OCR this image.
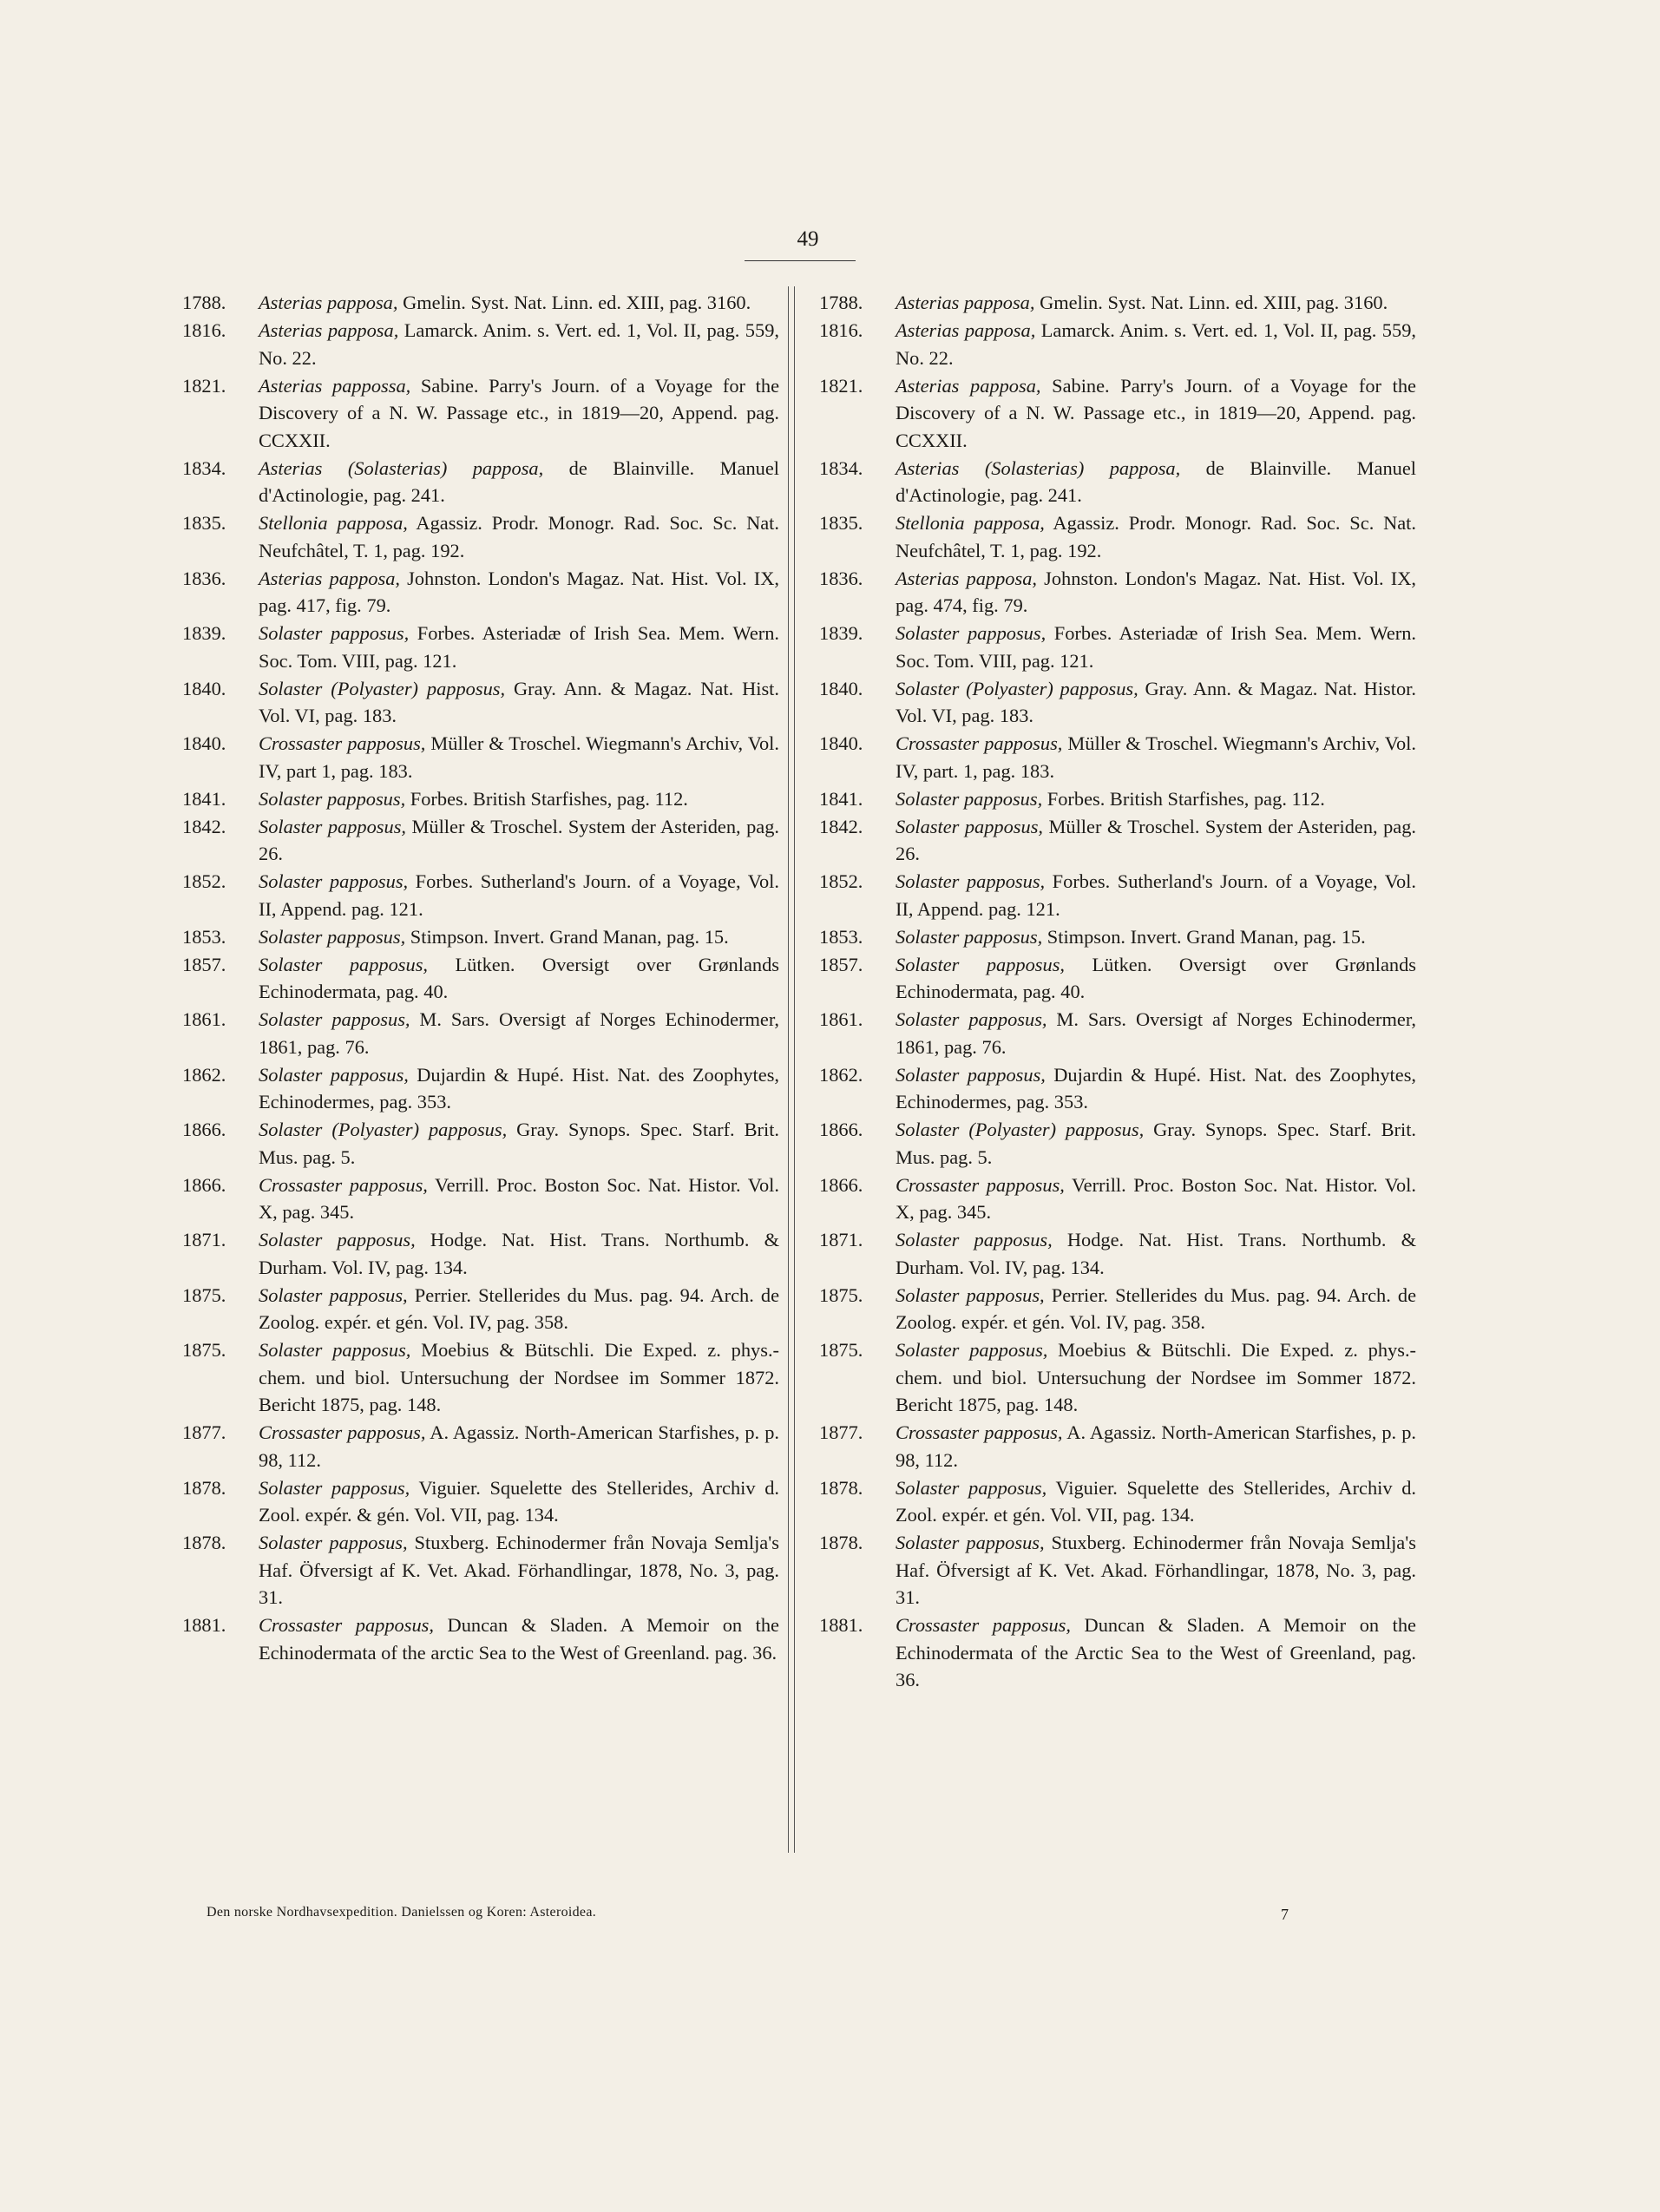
49
1788. Asterias papposa, Gmelin. Syst. Nat. Linn. ed. XIII, pag. 3160.
1816. Asterias papposa, Lamarck. Anim. s. Vert. ed. 1, Vol. II, pag. 559, No. 22.
1821. Asterias pappossa, Sabine. Parry's Journ. of a Voyage for the Discovery of a N. W. Passage etc., in 1819—20, Append. pag. CCXXII.
1834. Asterias (Solasterias) papposa, de Blainville. Manuel d'Actinologie, pag. 241.
1835. Stellonia papposa, Agassiz. Prodr. Monogr. Rad. Soc. Sc. Nat. Neufchâtel, T. 1, pag. 192.
1836. Asterias papposa, Johnston. London's Magaz. Nat. Hist. Vol. IX, pag. 417, fig. 79.
1839. Solaster papposus, Forbes. Asteriadæ of Irish Sea. Mem. Wern. Soc. Tom. VIII, pag. 121.
1840. Solaster (Polyaster) papposus, Gray. Ann. & Magaz. Nat. Hist. Vol. VI, pag. 183.
1840. Crossaster papposus, Müller & Troschel. Wiegmann's Archiv, Vol. IV, part 1, pag. 183.
1841. Solaster papposus, Forbes. British Starfishes, pag. 112.
1842. Solaster papposus, Müller & Troschel. System der Asteriden, pag. 26.
1852. Solaster papposus, Forbes. Sutherland's Journ. of a Voyage, Vol. II, Append. pag. 121.
1853. Solaster papposus, Stimpson. Invert. Grand Manan, pag. 15.
1857. Solaster papposus, Lütken. Oversigt over Grønlands Echinodermata, pag. 40.
1861. Solaster papposus, M. Sars. Oversigt af Norges Echinodermer, 1861, pag. 76.
1862. Solaster papposus, Dujardin & Hupé. Hist. Nat. des Zoophytes, Echinodermes, pag. 353.
1866. Solaster (Polyaster) papposus, Gray. Synops. Spec. Starf. Brit. Mus. pag. 5.
1866. Crossaster papposus, Verrill. Proc. Boston Soc. Nat. Histor. Vol. X, pag. 345.
1871. Solaster papposus, Hodge. Nat. Hist. Trans. Northumb. & Durham. Vol. IV, pag. 134.
1875. Solaster papposus, Perrier. Stellerides du Mus. pag. 94. Arch. de Zoolog. expér. et gén. Vol. IV, pag. 358.
1875. Solaster papposus, Moebius & Bütschli. Die Exped. z. phys.-chem. und biol. Untersuchung der Nordsee im Sommer 1872. Bericht 1875, pag. 148.
1877. Crossaster papposus, A. Agassiz. North-American Starfishes, p. p. 98, 112.
1878. Solaster papposus, Viguier. Squelette des Stellerides, Archiv d. Zool. expér. & gén. Vol. VII, pag. 134.
1878. Solaster papposus, Stuxberg. Echinodermer från Novaja Semlja's Haf. Öfversigt af K. Vet. Akad. Förhandlingar, 1878, No. 3, pag. 31.
1881. Crossaster papposus, Duncan & Sladen. A Memoir on the Echinodermata of the arctic Sea to the West of Greenland. pag. 36.
1788. Asterias papposa, Gmelin. Syst. Nat. Linn. ed. XIII, pag. 3160.
1816. Asterias papposa, Lamarck. Anim. s. Vert. ed. 1, Vol. II, pag. 559, No. 22.
1821. Asterias papposa, Sabine. Parry's Journ. of a Voyage for the Discovery of a N. W. Passage etc., in 1819—20, Append. pag. CCXXII.
1834. Asterias (Solasterias) papposa, de Blainville. Manuel d'Actinologie, pag. 241.
1835. Stellonia papposa, Agassiz. Prodr. Monogr. Rad. Soc. Sc. Nat. Neufchâtel, T. 1, pag. 192.
1836. Asterias papposa, Johnston. London's Magaz. Nat. Hist. Vol. IX, pag. 474, fig. 79.
1839. Solaster papposus, Forbes. Asteriadæ of Irish Sea. Mem. Wern. Soc. Tom. VIII, pag. 121.
1840. Solaster (Polyaster) papposus, Gray. Ann. & Magaz. Nat. Histor. Vol. VI, pag. 183.
1840. Crossaster papposus, Müller & Troschel. Wiegmann's Archiv, Vol. IV, part. 1, pag. 183.
1841. Solaster papposus, Forbes. British Starfishes, pag. 112.
1842. Solaster papposus, Müller & Troschel. System der Asteriden, pag. 26.
1852. Solaster papposus, Forbes. Sutherland's Journ. of a Voyage, Vol. II, Append. pag. 121.
1853. Solaster papposus, Stimpson. Invert. Grand Manan, pag. 15.
1857. Solaster papposus, Lütken. Oversigt over Grønlands Echinodermata, pag. 40.
1861. Solaster papposus, M. Sars. Oversigt af Norges Echinodermer, 1861, pag. 76.
1862. Solaster papposus, Dujardin & Hupé. Hist. Nat. des Zoophytes, Echinodermes, pag. 353.
1866. Solaster (Polyaster) papposus, Gray. Synops. Spec. Starf. Brit. Mus. pag. 5.
1866. Crossaster papposus, Verrill. Proc. Boston Soc. Nat. Histor. Vol. X, pag. 345.
1871. Solaster papposus, Hodge. Nat. Hist. Trans. Northumb. & Durham. Vol. IV, pag. 134.
1875. Solaster papposus, Perrier. Stellerides du Mus. pag. 94. Arch. de Zoolog. expér. et gén. Vol. IV, pag. 358.
1875. Solaster papposus, Moebius & Bütschli. Die Exped. z. phys.-chem. und biol. Untersuchung der Nordsee im Sommer 1872. Bericht 1875, pag. 148.
1877. Crossaster papposus, A. Agassiz. North-American Starfishes, p. p. 98, 112.
1878. Solaster papposus, Viguier. Squelette des Stellerides, Archiv d. Zool. expér. et gén. Vol. VII, pag. 134.
1878. Solaster papposus, Stuxberg. Echinodermer från Novaja Semlja's Haf. Öfversigt af K. Vet. Akad. Förhandlingar, 1878, No. 3, pag. 31.
1881. Crossaster papposus, Duncan & Sladen. A Memoir on the Echinodermata of the Arctic Sea to the West of Greenland, pag. 36.
Den norske Nordhavsexpedition. Danielssen og Koren: Asteroidea.	7
